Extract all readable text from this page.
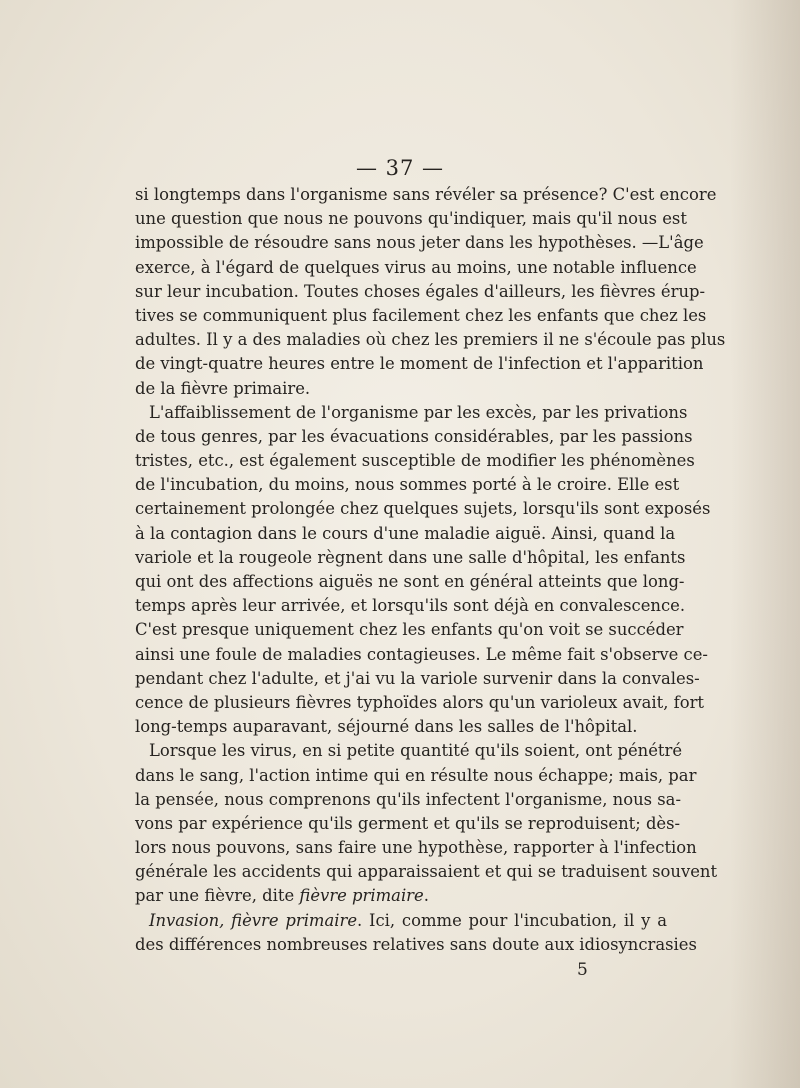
— 37 —
si longtemps dans l'organisme sans révéler sa présence? C'est encore
une question que nous ne pouvons qu'indiquer, mais qu'il nous est
impossible de résoudre sans nous jeter dans les hypothèses. —L'âge
exerce, à l'égard de quelques virus au moins, une notable influence
sur leur incubation. Toutes choses égales d'ailleurs, les fièvres érup-
tives se communiquent plus facilement chez les enfants que chez les
adultes. Il y a des maladies où chez les premiers il ne s'écoule pas plus
de vingt-quatre heures entre le moment de l'infection et l'apparition
de la fièvre primaire.
L'affaiblissement de l'organisme par les excès, par les privations
de tous genres, par les évacuations considérables, par les passions
tristes, etc., est également susceptible de modifier les phénomènes
de l'incubation, du moins, nous sommes porté à le croire. Elle est
certainement prolongée chez quelques sujets, lorsqu'ils sont exposés
à la contagion dans le cours d'une maladie aiguë. Ainsi, quand la
variole et la rougeole règnent dans une salle d'hôpital, les enfants
qui ont des affections aiguës ne sont en général atteints que long-
temps après leur arrivée, et lorsqu'ils sont déjà en convalescence.
C'est presque uniquement chez les enfants qu'on voit se succéder
ainsi une foule de maladies contagieuses. Le même fait s'observe ce-
pendant chez l'adulte, et j'ai vu la variole survenir dans la convales-
cence de plusieurs fièvres typhoïdes alors qu'un varioleux avait, fort
long-temps auparavant, séjourné dans les salles de l'hôpital.
Lorsque les virus, en si petite quantité qu'ils soient, ont pénétré
dans le sang, l'action intime qui en résulte nous échappe; mais, par
la pensée, nous comprenons qu'ils infectent l'organisme, nous sa-
vons par expérience qu'ils germent et qu'ils se reproduisent; dès-
lors nous pouvons, sans faire une hypothèse, rapporter à l'infection
générale les accidents qui apparaissaient et qui se traduisent souvent
par une fièvre, dite fièvre primaire.
Invasion, fièvre primaire. Ici, comme pour l'incubation, il y a
des différences nombreuses relatives sans doute aux idiosyncrasies
5
